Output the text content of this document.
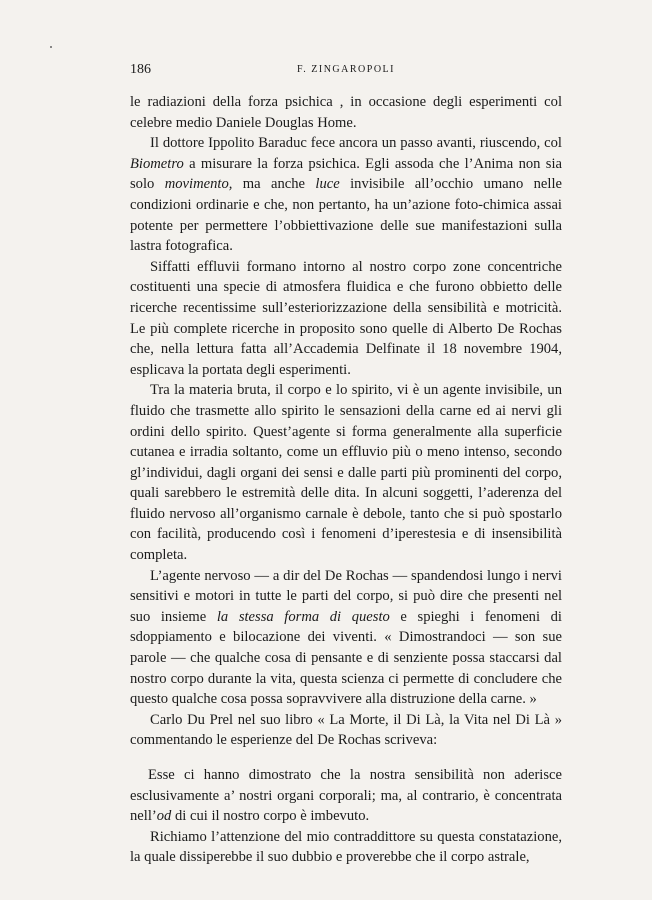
186	F. ZINGAROPOLI

le radiazioni della forza psichica , in occasione degli esperimenti col celebre medio Daniele Douglas Home.

Il dottore Ippolito Baraduc fece ancora un passo avanti, riuscendo, col Biometro a misurare la forza psichica. Egli assoda che l’Anima non sia solo movimento, ma anche luce invisibile all’occhio umano nelle condizioni ordinarie e che, non pertanto, ha un’azione foto-chimica assai potente per permettere l’obbiettivazione delle sue manifestazioni sulla lastra fotografica.

Siffatti effluvii formano intorno al nostro corpo zone concentriche costituenti una specie di atmosfera fluidica e che furono obbietto delle ricerche recentissime sull’esteriorizzazione della sensibilità e motricità. Le più complete ricerche in proposito sono quelle di Alberto De Rochas che, nella lettura fatta all’Accademia Delfinate il 18 novembre 1904, esplicava la portata degli esperimenti.

Tra la materia bruta, il corpo e lo spirito, vi è un agente invisibile, un fluido che trasmette allo spirito le sensazioni della carne ed ai nervi gli ordini dello spirito. Quest’agente si forma generalmente alla superficie cutanea e irradia soltanto, come un effluvio più o meno intenso, secondo gl’individui, dagli organi dei sensi e dalle parti più prominenti del corpo, quali sarebbero le estremità delle dita. In alcuni soggetti, l’aderenza del fluido nervoso all’organismo carnale è debole, tanto che si può spostarlo con facilità, producendo così i fenomeni d’iperestesia e di insensibilità completa.

L’agente nervoso — a dir del De Rochas — spandendosi lungo i nervi sensitivi e motori in tutte le parti del corpo, si può dire che presenti nel suo insieme la stessa forma di questo e spieghi i fenomeni di sdoppiamento e bilocazione dei viventi. « Dimostrandoci — son sue parole — che qualche cosa di pensante e di senziente possa staccarsi dal nostro corpo durante la vita, questa scienza ci permette di concludere che questo qualche cosa possa sopravvivere alla distruzione della carne. »

Carlo Du Prel nel suo libro « La Morte, il Di Là, la Vita nel Di Là » commentando le esperienze del De Rochas scriveva:

Esse ci hanno dimostrato che la nostra sensibilità non aderisce esclusivamente a’ nostri organi corporali; ma, al contrario, è concentrata nell’od di cui il nostro corpo è imbevuto.

Richiamo l’attenzione del mio contraddittore su questa constatazione, la quale dissiperebbe il suo dubbio e proverebbe che il corpo astrale,
